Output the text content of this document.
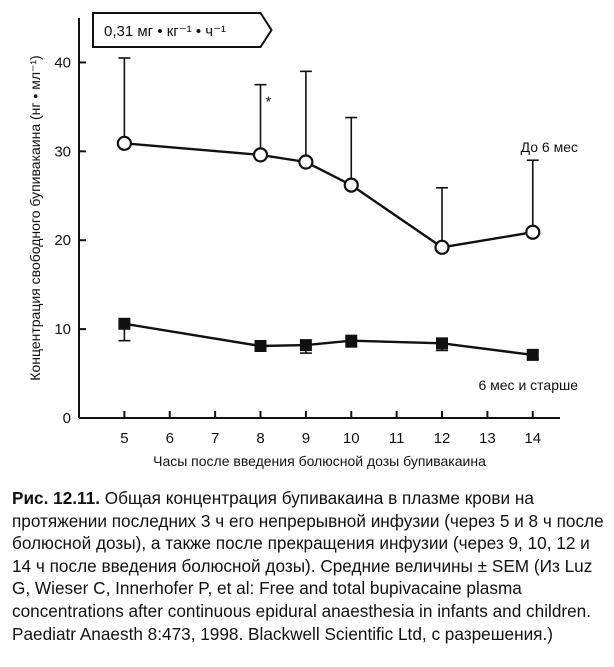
0,31 мг • кг⁻¹ • ч⁻¹
0
10
20
30
40
5 6 7 8 9 10 11 12 13 14
Часы после введения болюсной дозы бупивакаина
Концентрация свободного бупивакаина (нг • мл⁻¹)	*
До 6 мес
6 мес и старше

Рис. 12.11. Общая концентрация бупивакаина в плазме крови на протяжении последних 3 ч его непрерывной инфузии (через 5 и 8 ч после болюсной дозы), а также после прекращения инфузии (через 9, 10, 12 и 14 ч после введения болюсной дозы). Средние величины ± SEM (Из Luz G, Wieser C, Innerhofer P, et al: Free and total bupivacaine plasma concentrations after continuous epidural anaesthesia in infants and children. Paediatr Anaesth 8:473, 1998. Blackwell Scientific Ltd, с разрешения.)
